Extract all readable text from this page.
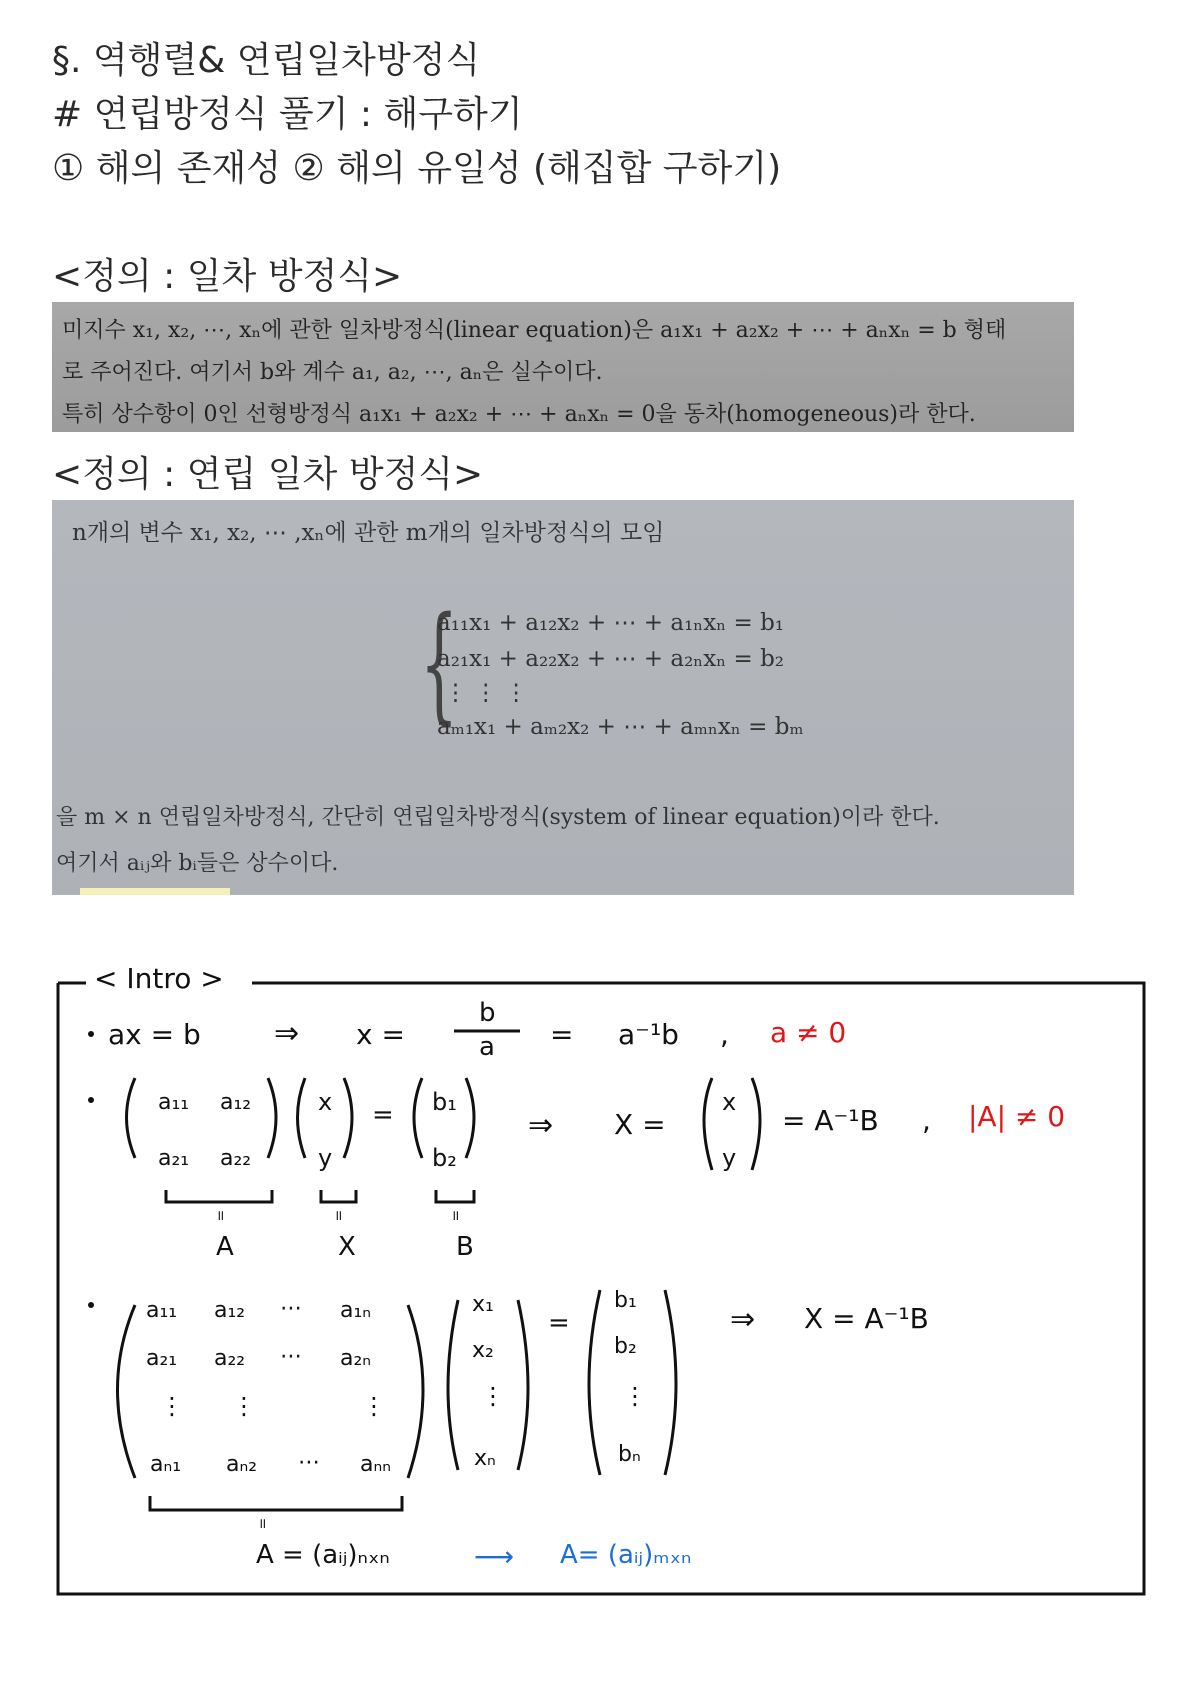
§. 역행렬& 연립일차방정식
# 연립방정식 풀기 : 해구하기
① 해의 존재성 ② 해의 유일성 (해집합 구하기)
<정의 : 일차 방정식>
미지수 x₁, x₂, ⋯, xₙ에 관한 일차방정식(linear equation)은 a₁x₁ + a₂x₂ + ⋯ + aₙxₙ = b 형태
로 주어진다. 여기서 b와 계수 a₁, a₂, ⋯, aₙ은 실수이다.
특히 상수항이 0인 선형방정식 a₁x₁ + a₂x₂ + ⋯ + aₙxₙ = 0을 동차(homogeneous)라 한다.
<정의 : 연립 일차 방정식>
n개의 변수 x₁, x₂, ⋯ ,xₙ에 관한 m개의 일차방정식의 모임
{
a₁₁x₁ + a₁₂x₂ + ⋯ + a₁ₙxₙ = b₁
a₂₁x₁ + a₂₂x₂ + ⋯ + a₂ₙxₙ = b₂
⋮ ⋮ ⋮
aₘ₁x₁ + aₘ₂x₂ + ⋯ + aₘₙxₙ = bₘ
을 m × n 연립일차방정식, 간단히 연립일차방정식(system of linear equation)이라 한다.
여기서 aᵢⱼ와 bᵢ들은 상수이다.
< Intro >
ax = b ⇒ x =
b
a = a⁻¹b , a ≠ 0
a₁₁ a₁₂
a₂₁ a₂₂
x
y
= b₁
b₂
⇒ X =
x
y
= A⁻¹B , |A| ≠ 0
॥	॥	॥
A	X	B
a₁₁ a₁₂ ⋯ a₁ₙ
a₂₁ a₂₂ ⋯ a₂ₙ
⋮ ⋮	⋮
aₙ₁ aₙ₂ ⋯ aₙₙ
x₁
x₂
⋮
xₙ
=
b₁
b₂
⋮
bₙ
⇒ X = A⁻¹B
॥
A = (aᵢⱼ)ₙₓₙ	⟶ A= (aᵢⱼ)ₘₓₙ
